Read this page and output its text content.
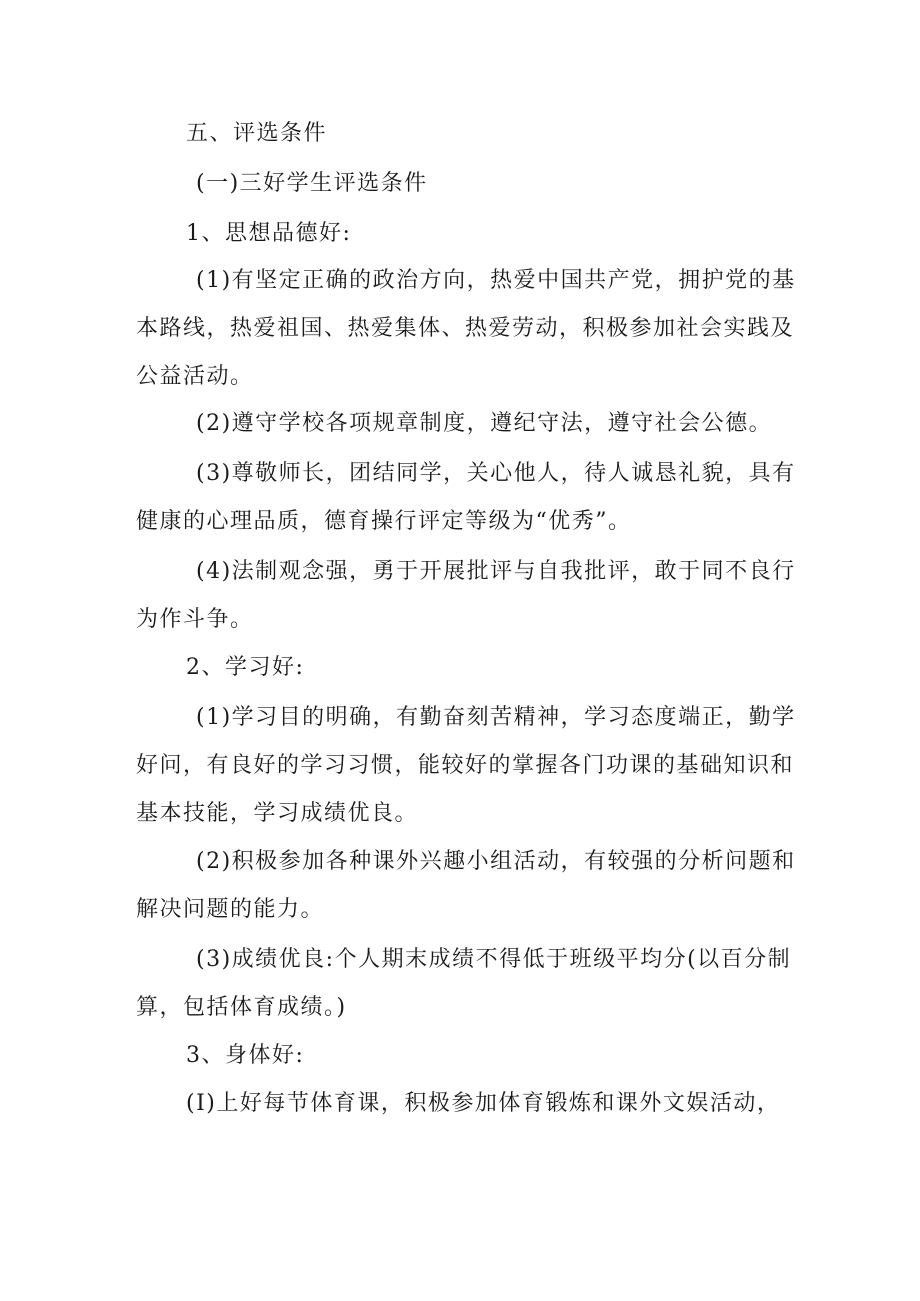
五、评选条件
(一)三好学生评选条件
1、思想品德好:
(1)有坚定正确的政治方向，热爱中国共产党，拥护党的基
本路线，热爱祖国、热爱集体、热爱劳动，积极参加社会实践及
公益活动。
(2)遵守学校各项规章制度，遵纪守法，遵守社会公德。
(3)尊敬师长，团结同学，关心他人，待人诚恳礼貌，具有
健康的心理品质，德育操行评定等级为“优秀”。
(4)法制观念强，勇于开展批评与自我批评，敢于同不良行
为作斗争。
2、学习好:
(1)学习目的明确，有勤奋刻苦精神，学习态度端正，勤学
好问，有良好的学习习惯，能较好的掌握各门功课的基础知识和
基本技能，学习成绩优良。
(2)积极参加各种课外兴趣小组活动，有较强的分析问题和
解决问题的能力。
(3)成绩优良:个人期末成绩不得低于班级平均分(以百分制
算，包括体育成绩。)
3、身体好:
(I)上好每节体育课，积极参加体育锻炼和课外文娱活动，
